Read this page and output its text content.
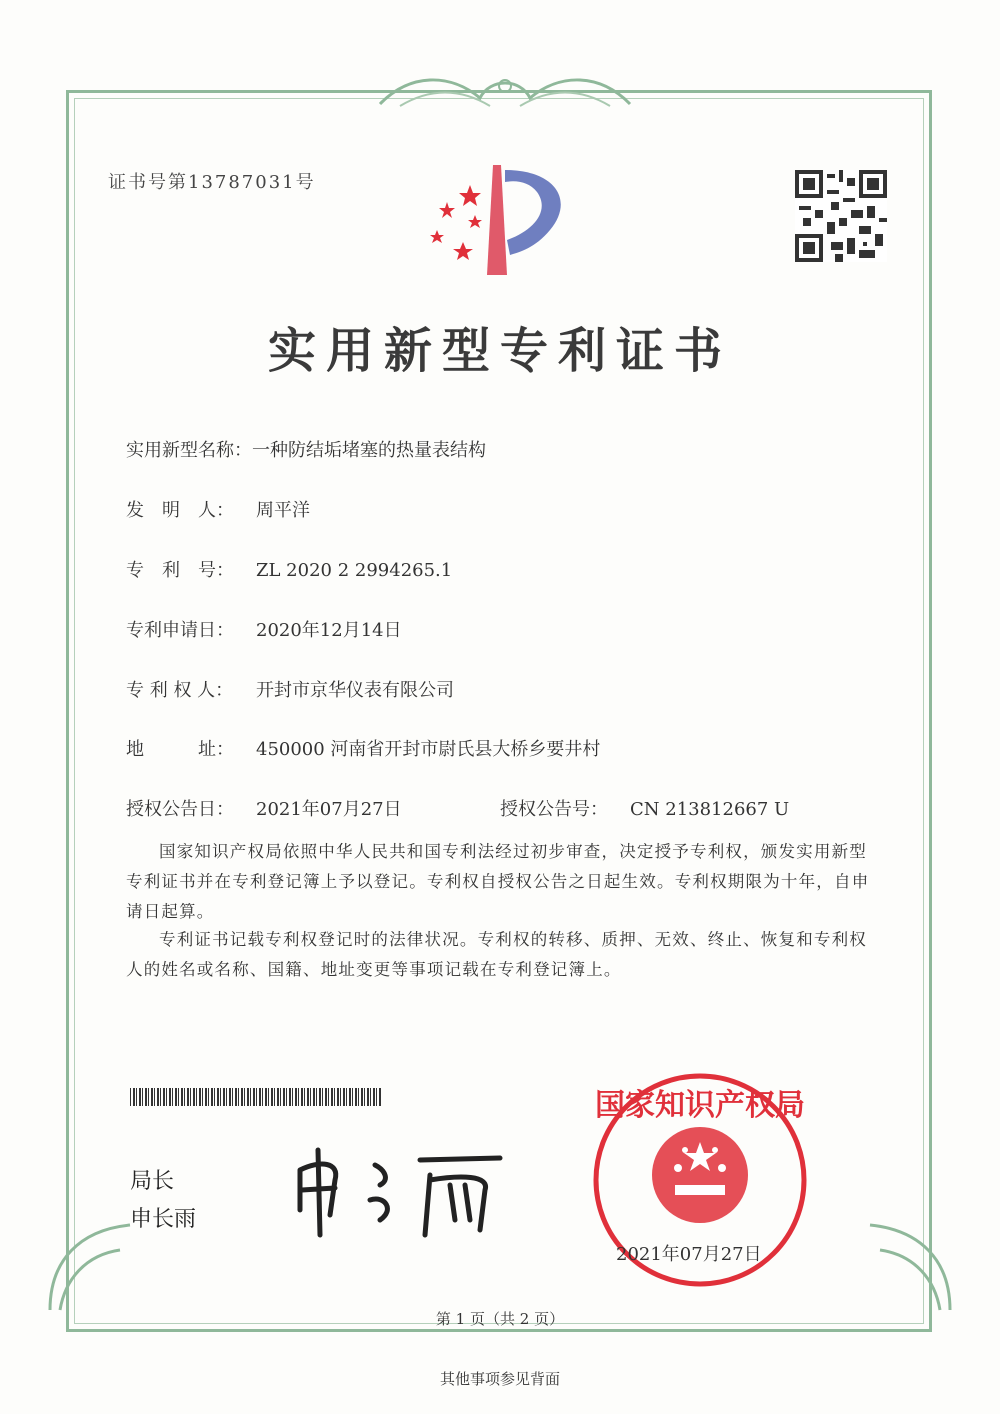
证书号第13787031号
实用新型专利证书
实用新型名称：一种防结垢堵塞的热量表结构
发　明　人： 周平洋
专　利　号： ZL 2020 2 2994265.1
专利申请日： 2020年12月14日
专 利 权 人： 开封市京华仪表有限公司
地　　　址： 450000 河南省开封市尉氏县大桥乡要井村
授权公告日： 2021年07月27日	授权公告号： CN 213812667 U
国家知识产权局依照中华人民共和国专利法经过初步审查，决定授予专利权，颁发实用新型专利证书并在专利登记簿上予以登记。专利权自授权公告之日起生效。专利权期限为十年，自申请日起算。
专利证书记载专利权登记时的法律状况。专利权的转移、质押、无效、终止、恢复和专利权人的姓名或名称、国籍、地址变更等事项记载在专利登记簿上。
局长
申长雨
国家知识产权局
2021年07月27日
第 1 页（共 2 页）
其他事项参见背面
